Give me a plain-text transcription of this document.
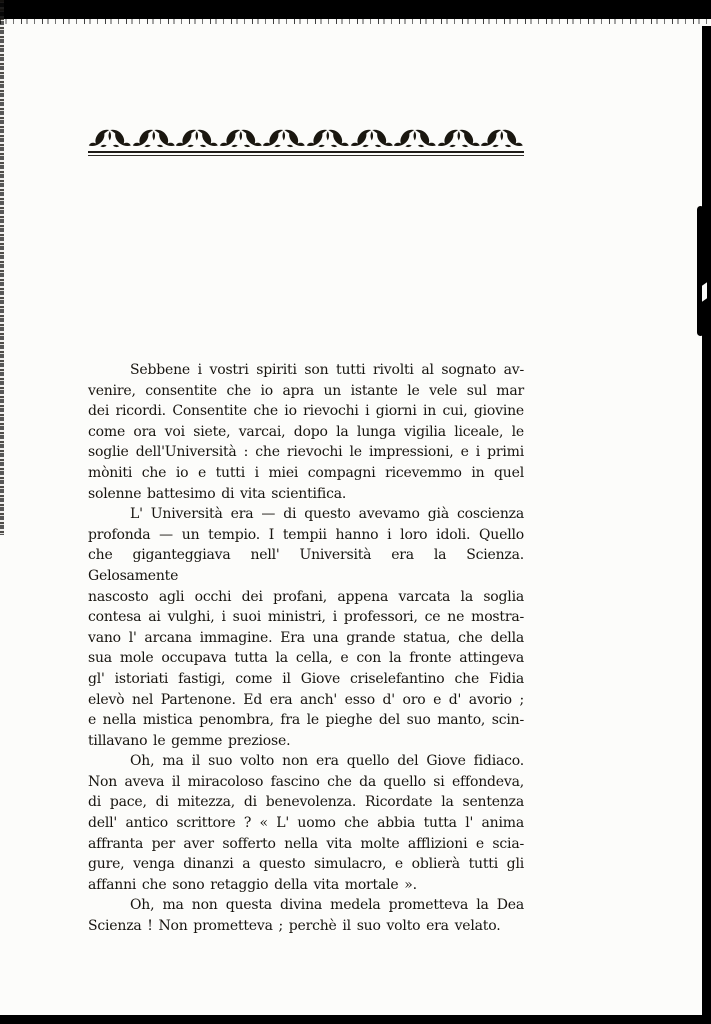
Sebbene i vostri spiriti son tutti rivolti al sognato av-
venire, consentite che io apra un istante le vele sul mar
dei ricordi. Consentite che io rievochi i giorni in cui, giovine
come ora voi siete, varcai, dopo la lunga vigilia liceale, le
soglie dell'Università : che rievochi le impressioni, e i primi
mòniti che io e tutti i miei compagni ricevemmo in quel
solenne battesimo di vita scientifica.
L' Università era — di questo avevamo già coscienza
profonda — un tempio. I tempii hanno i loro idoli. Quello
che giganteggiava nell' Università era la Scienza. Gelosamente
nascosto agli occhi dei profani, appena varcata la soglia
contesa ai vulghi, i suoi ministri, i professori, ce ne mostra-
vano l' arcana immagine. Era una grande statua, che della
sua mole occupava tutta la cella, e con la fronte attingeva
gl' istoriati fastigi, come il Giove criselefantino che Fidia
elevò nel Partenone. Ed era anch' esso d' oro e d' avorio ;
e nella mistica penombra, fra le pieghe del suo manto, scin-
tillavano le gemme preziose.
Oh, ma il suo volto non era quello del Giove fidiaco.
Non aveva il miracoloso fascino che da quello si effondeva,
di pace, di mitezza, di benevolenza. Ricordate la sentenza
dell' antico scrittore ? « L' uomo che abbia tutta l' anima
affranta per aver sofferto nella vita molte afflizioni e scia-
gure, venga dinanzi a questo simulacro, e oblierà tutti gli
affanni che sono retaggio della vita mortale ».
Oh, ma non questa divina medela prometteva la Dea
Scienza ! Non prometteva ; perchè il suo volto era velato.
